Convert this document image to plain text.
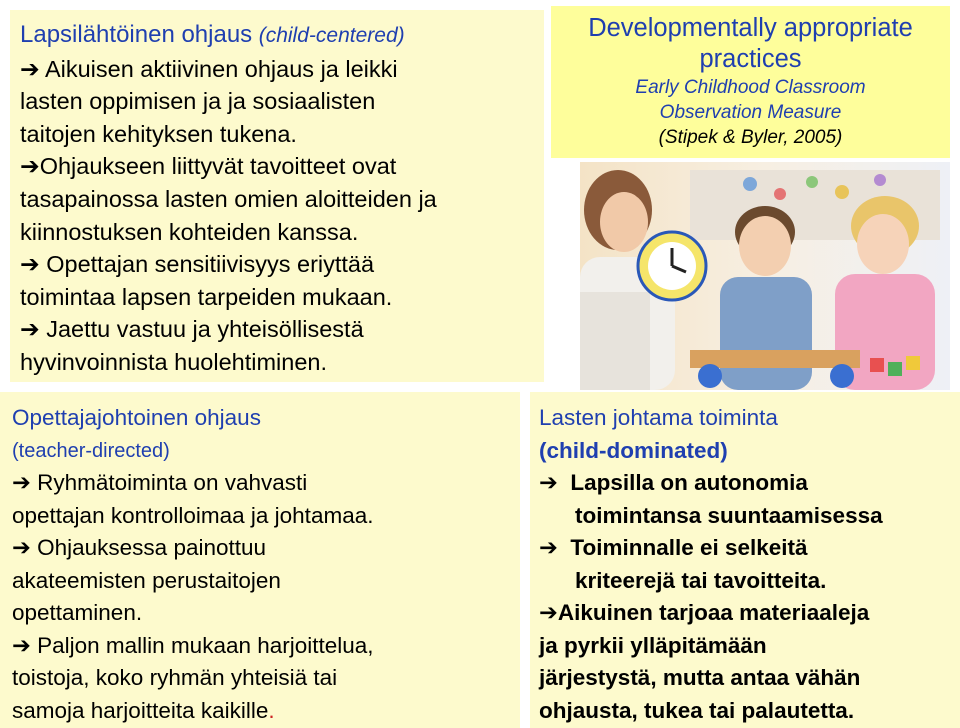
Lapsilähtöinen ohjaus (child-centered)
➔ Aikuisen aktiivinen ohjaus ja leikki
lasten oppimisen ja ja sosiaalisten
taitojen kehityksen tukena.
➔Ohjaukseen liittyvät tavoitteet ovat
tasapainossa lasten omien aloitteiden ja
kiinnostuksen kohteiden kanssa.
➔ Opettajan sensitiivisyys eriyttää
toimintaa lapsen tarpeiden mukaan.
➔ Jaettu vastuu ja yhteisöllisestä
hyvinvoinnista huolehtiminen.
Developmentally appropriate
practices
Early Childhood Classroom
Observation Measure
(Stipek & Byler, 2005)
Opettajajohtoinen ohjaus
(teacher-directed)
➔ Ryhmätoiminta on vahvasti
opettajan kontrolloimaa ja johtamaa.
➔ Ohjauksessa painottuu
akateemisten perustaitojen
opettaminen.
➔ Paljon mallin mukaan harjoittelua,
toistoja, koko ryhmän yhteisiä tai
samoja harjoitteita kaikille.
Lasten johtama toiminta
(child-dominated)
➔ Lapsilla on autonomia
toimintansa suuntaamisessa
➔ Toiminnalle ei selkeitä
kriteerejä tai tavoitteita.
➔Aikuinen tarjoaa materiaaleja
ja pyrkii ylläpitämään
järjestystä, mutta antaa vähän
ohjausta, tukea tai palautetta.
